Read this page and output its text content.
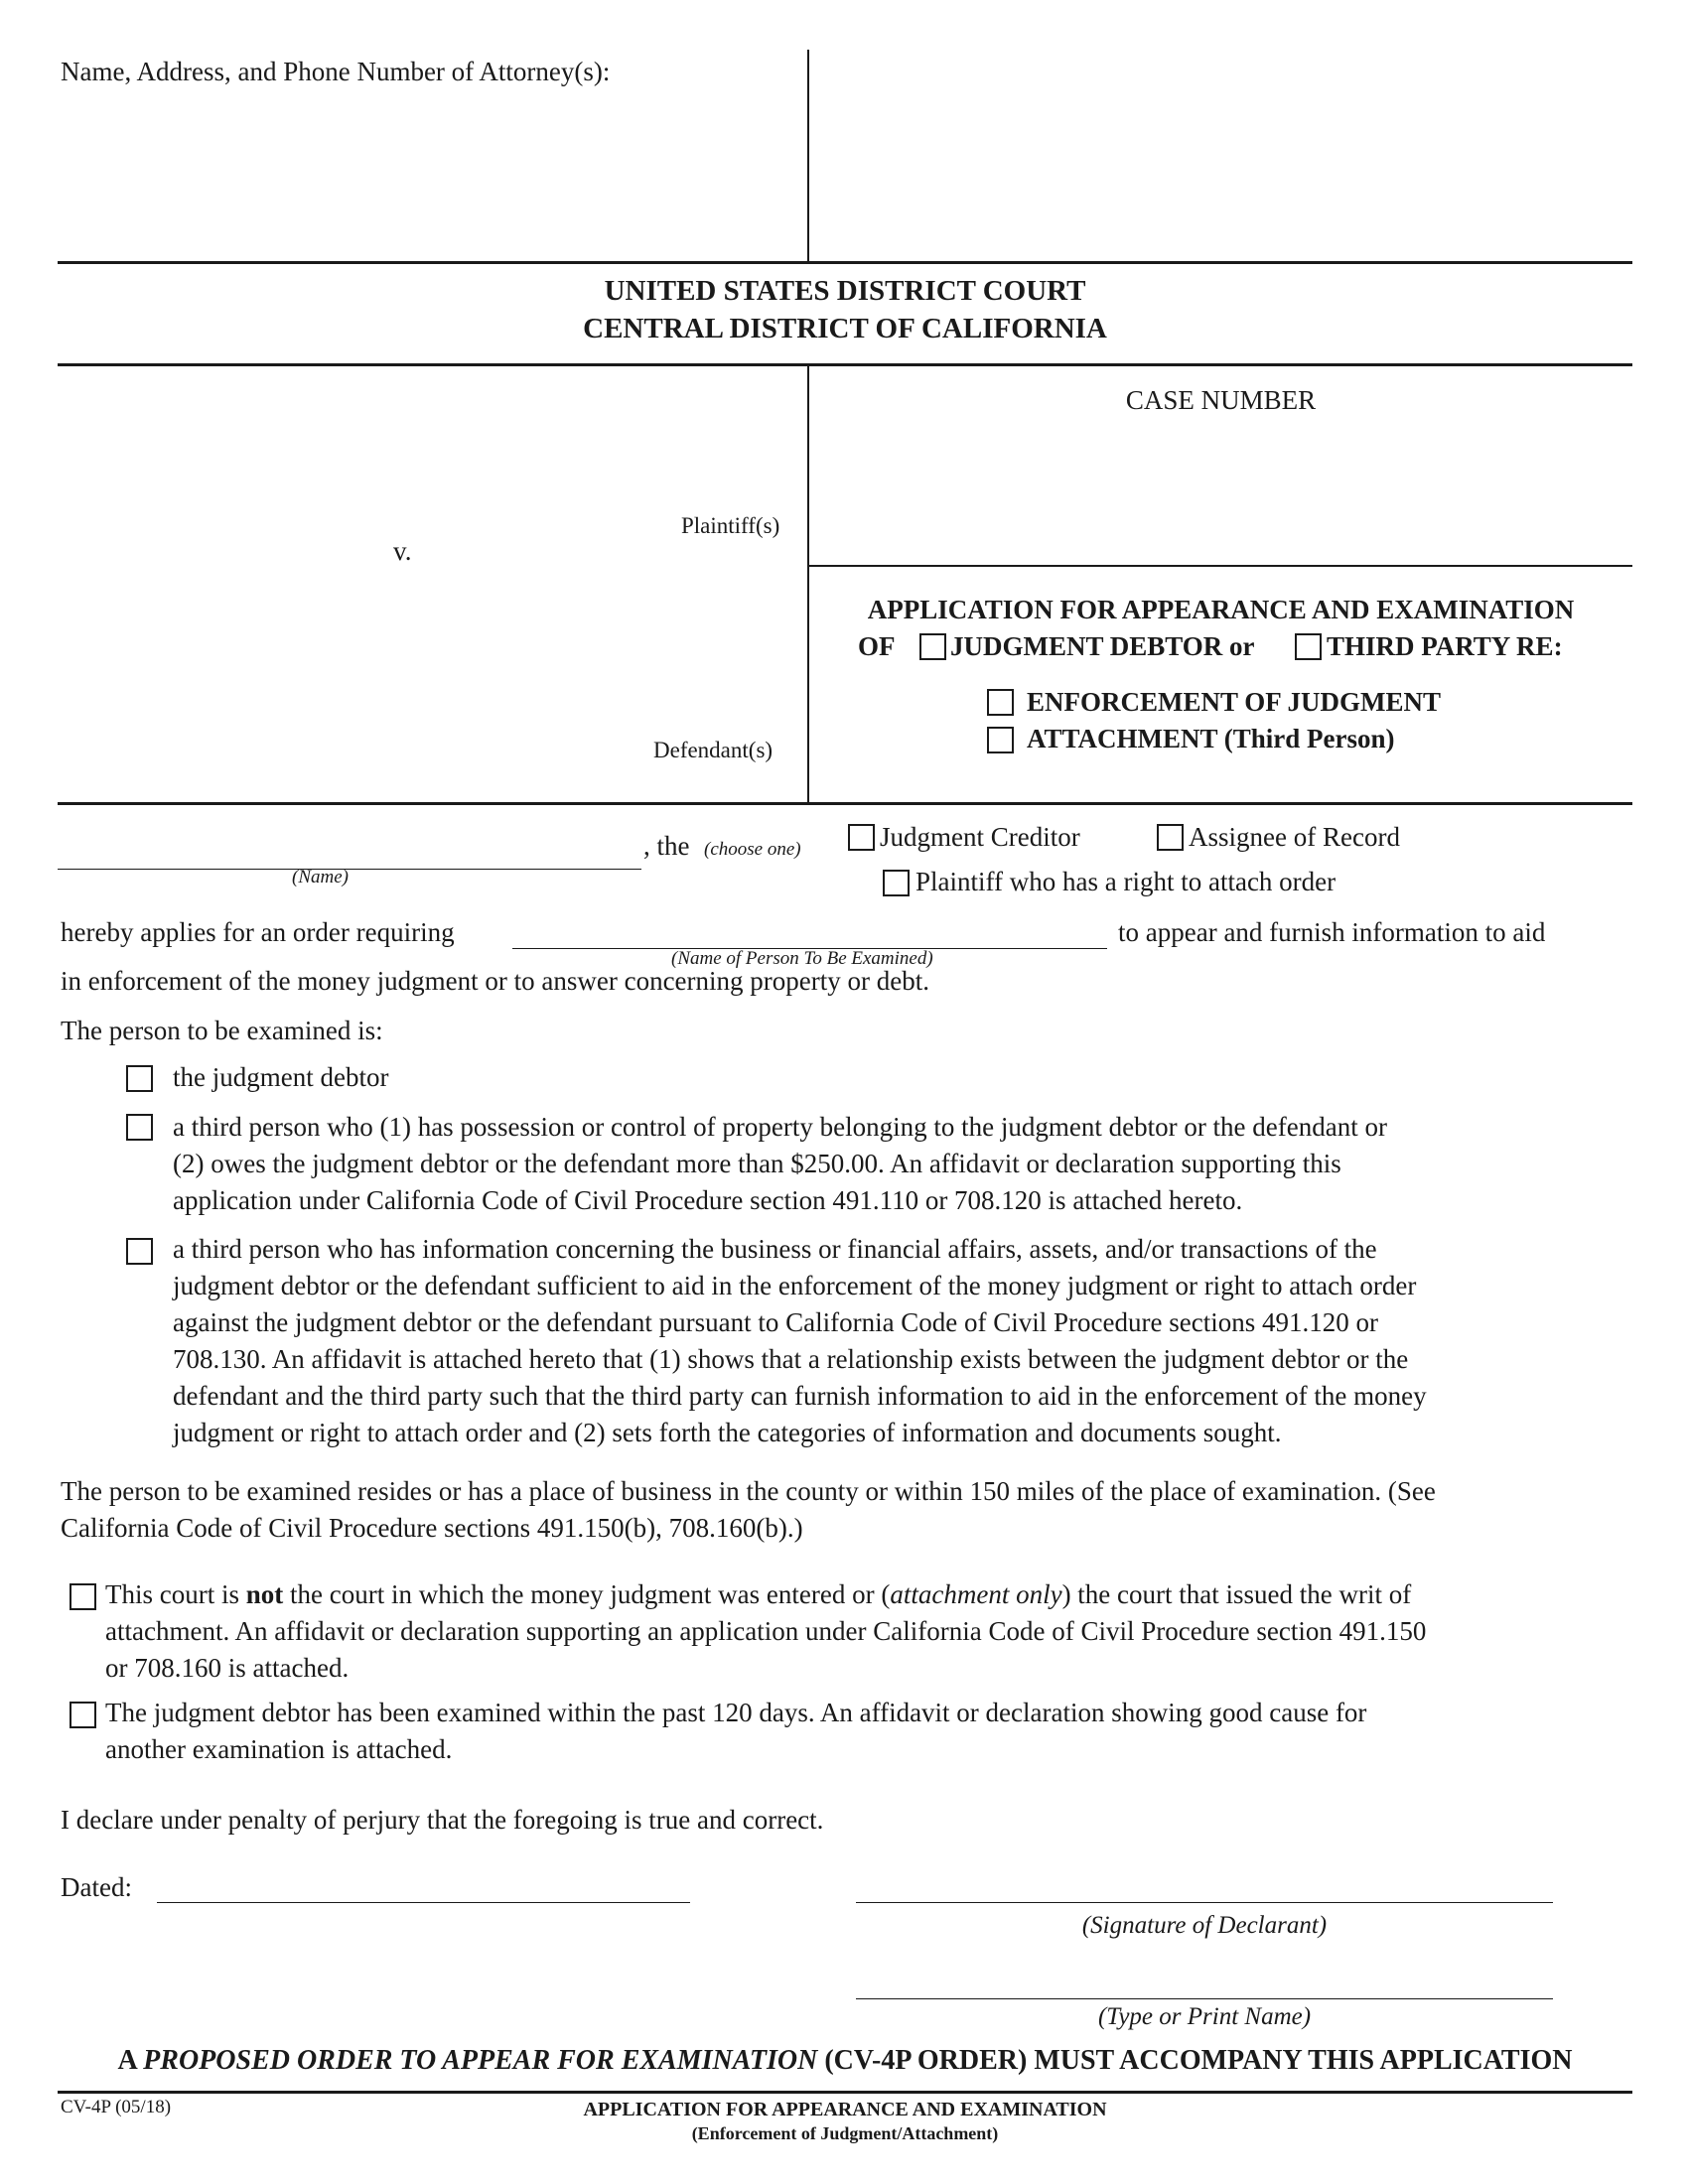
Name, Address, and Phone Number of Attorney(s):
UNITED STATES DISTRICT COURT
CENTRAL DISTRICT OF CALIFORNIA
CASE NUMBER
Plaintiff(s)
v.
Defendant(s)
APPLICATION FOR APPEARANCE AND EXAMINATION
OF JUDGMENT DEBTOR or	THIRD PARTY RE:
ENFORCEMENT OF JUDGMENT
ATTACHMENT (Third Person)
(Name)
, the (choose one)	Judgment Creditor	Assignee of Record
Plaintiff who has a right to attach order
hereby applies for an order requiring
(Name of Person To Be Examined)
to appear and furnish information to aid
in enforcement of the money judgment or to answer concerning property or debt.
The person to be examined is:
the judgment debtor
a third person who (1) has possession or control of property belonging to the judgment debtor or the defendant or
(2) owes the judgment debtor or the defendant more than $250.00. An affidavit or declaration supporting this
application under California Code of Civil Procedure section 491.110 or 708.120 is attached hereto.
a third person who has information concerning the business or financial affairs, assets, and/or transactions of the
judgment debtor or the defendant sufficient to aid in the enforcement of the money judgment or right to attach order
against the judgment debtor or the defendant pursuant to California Code of Civil Procedure sections 491.120 or
708.130. An affidavit is attached hereto that (1) shows that a relationship exists between the judgment debtor or the
defendant and the third party such that the third party can furnish information to aid in the enforcement of the money
judgment or right to attach order and (2) sets forth the categories of information and documents sought.
The person to be examined resides or has a place of business in the county or within 150 miles of the place of examination. (See
California Code of Civil Procedure sections 491.150(b), 708.160(b).)
This court is not the court in which the money judgment was entered or (attachment only) the court that issued the writ of
attachment. An affidavit or declaration supporting an application under California Code of Civil Procedure section 491.150
or 708.160 is attached.
The judgment debtor has been examined within the past 120 days. An affidavit or declaration showing good cause for
another examination is attached.
I declare under penalty of perjury that the foregoing is true and correct.
Dated:
(Signature of Declarant)
(Type or Print Name)
A PROPOSED ORDER TO APPEAR FOR EXAMINATION (CV-4P ORDER) MUST ACCOMPANY THIS APPLICATION
CV-4P (05/18)	APPLICATION FOR APPEARANCE AND EXAMINATION
(Enforcement of Judgment/Attachment)
